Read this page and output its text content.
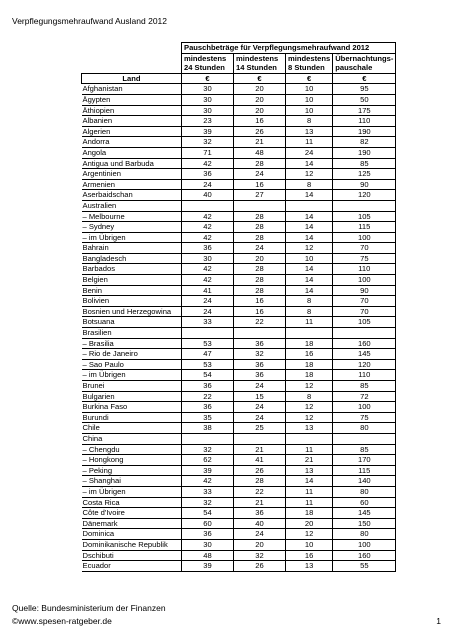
Verpflegungsmehraufwand Ausland 2012
	Pauschbeträge für Verpflegungsmehraufwand 2012			
	mindestens	mindestens	mindestens	Übernachtungs-
	24 Stunden	14 Stunden	8 Stunden	pauschale
Land	€	€	€	€
Afghanistan	30	20	10	95
Ägypten	30	20	10	50
Äthiopien	30	20	10	175
Albanien	23	16	8	110
Algerien	39	26	13	190
Andorra	32	21	11	82
Angola	71	48	24	190
Antigua und Barbuda	42	28	14	85
Argentinien	36	24	12	125
Armenien	24	16	8	90
Aserbaidschan	40	27	14	120
Australien				
– Melbourne	42	28	14	105
– Sydney	42	28	14	115
– im Übrigen	42	28	14	100
Bahrain	36	24	12	70
Bangladesch	30	20	10	75
Barbados	42	28	14	110
Belgien	42	28	14	100
Benin	41	28	14	90
Bolivien	24	16	8	70
Bosnien und Herzegowina	24	16	8	70
Botsuana	33	22	11	105
Brasilien				
– Brasilia	53	36	18	160
– Rio de Janeiro	47	32	16	145
– Sao Paulo	53	36	18	120
– im Übrigen	54	36	18	110
Brunei	36	24	12	85
Bulgarien	22	15	8	72
Burkina Faso	36	24	12	100
Burundi	35	24	12	75
Chile	38	25	13	80
China				
– Chengdu	32	21	11	85
– Hongkong	62	41	21	170
– Peking	39	26	13	115
– Shanghai	42	28	14	140
– im Übrigen	33	22	11	80
Costa Rica	32	21	11	60
Côte d'Ivoire	54	36	18	145
Dänemark	60	40	20	150
Dominica	36	24	12	80
Dominikanische Republik	30	20	10	100
Dschibuti	48	32	16	160
Ecuador	39	26	13	55
Quelle: Bundesministerium der Finanzen
©www.spesen-ratgeber.de	1
